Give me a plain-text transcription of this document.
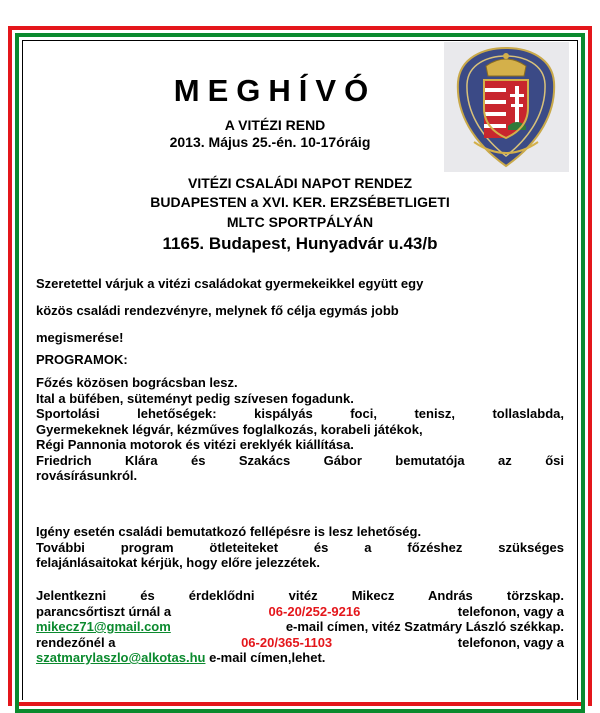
MEGHÍVÓ
A VITÉZI REND
2013. Május 25.-én. 10-17óráig
VITÉZI CSALÁDI NAPOT RENDEZ
BUDAPESTEN a XVI. KER. ERZSÉBETLIGETI
MLTC SPORTPÁLYÁN
1165. Budapest, Hunyadvár u.43/b
Szeretettel várjuk a vitézi családokat gyermekeikkel együtt egy
közös családi rendezvényre, melynek fő célja egymás jobb
megismerése!
PROGRAMOK:
Főzés közösen bográcsban lesz.
Ital a büfében, süteményt pedig szívesen fogadunk.
Sportolási lehetőségek: kispályás foci, tenisz, tollaslabda,
Gyermekeknek légvár, kézműves foglalkozás, korabeli játékok,
Régi Pannonia motorok és vitézi ereklyék kiállítása.
Friedrich Klára és Szakács Gábor bemutatója az ősi
rovásírásunkról.
Igény esetén családi bemutatkozó fellépésre is lesz lehetőség.
További program ötleteiteket és a főzéshez szükséges
felajánlásaitokat kérjük, hogy előre jelezzétek.
Jelentkezni és érdeklődni vitéz Mikecz András törzskap.
parancsőrtiszt úrnál a	06-20/252-9216	telefonon, vagy a
mikecz71@gmail.com	e-mail címen, vitéz Szatmáry László székkap.
rendezőnél a	06-20/365-1103	telefonon, vagy a
szatmarylaszlo@alkotas.hu e-mail címen,lehet.
